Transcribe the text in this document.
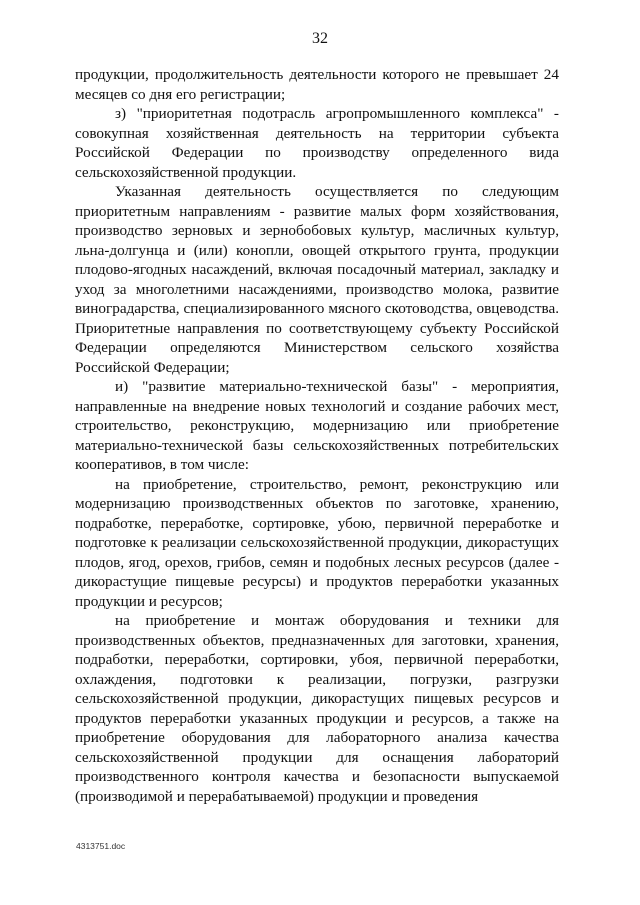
32

продукции, продолжительность деятельности которого не превышает 24 месяцев со дня его регистрации;

з) "приоритетная подотрасль агропромышленного комплекса" - совокупная хозяйственная деятельность на территории субъекта Российской Федерации по производству определенного вида сельскохозяйственной продукции.

Указанная деятельность осуществляется по следующим приоритетным направлениям - развитие малых форм хозяйствования, производство зерновых и зернобобовых культур, масличных культур, льна-долгунца и (или) конопли, овощей открытого грунта, продукции плодово-ягодных насаждений, включая посадочный материал, закладку и уход за многолетними насаждениями, производство молока, развитие виноградарства, специализированного мясного скотоводства, овцеводства. Приоритетные направления по соответствующему субъекту Российской Федерации определяются Министерством сельского хозяйства Российской Федерации;

и) "развитие материально-технической базы" - мероприятия, направленные на внедрение новых технологий и создание рабочих мест, строительство, реконструкцию, модернизацию или приобретение материально-технической базы сельскохозяйственных потребительских кооперативов, в том числе:

на приобретение, строительство, ремонт, реконструкцию или модернизацию производственных объектов по заготовке, хранению, подработке, переработке, сортировке, убою, первичной переработке и подготовке к реализации сельскохозяйственной продукции, дикорастущих плодов, ягод, орехов, грибов, семян и подобных лесных ресурсов (далее - дикорастущие пищевые ресурсы) и продуктов переработки указанных продукции и ресурсов;

на приобретение и монтаж оборудования и техники для производственных объектов, предназначенных для заготовки, хранения, подработки, переработки, сортировки, убоя, первичной переработки, охлаждения, подготовки к реализации, погрузки, разгрузки сельскохозяйственной продукции, дикорастущих пищевых ресурсов и продуктов переработки указанных продукции и ресурсов, а также на приобретение оборудования для лабораторного анализа качества сельскохозяйственной продукции для оснащения лабораторий производственного контроля качества и безопасности выпускаемой (производимой и перерабатываемой) продукции и проведения

4313751.doc
